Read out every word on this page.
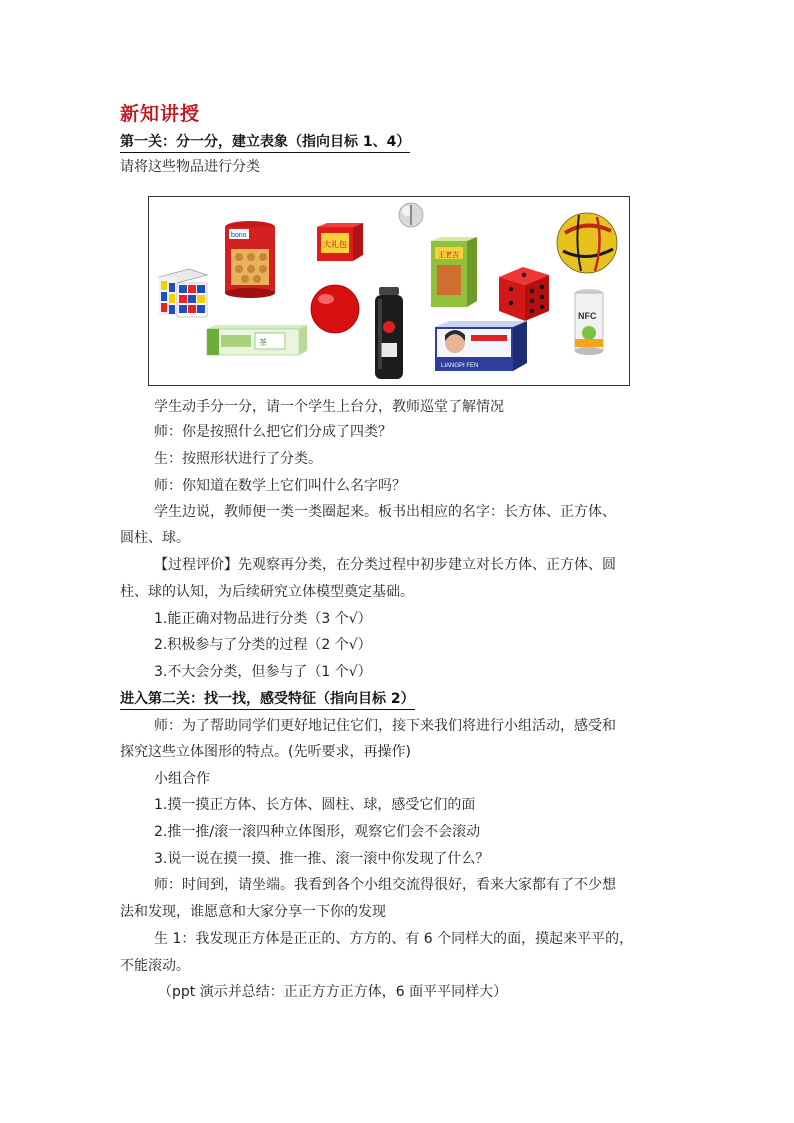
新知讲授
第一关：分一分，建立表象（指向目标 1、4）
请将这些物品进行分类
bono
茶
大礼包
王老吉
LIANGPI FEN
NFC
学生动手分一分，请一个学生上台分，教师巡堂了解情况
师：你是按照什么把它们分成了四类？
生：按照形状进行了分类。
师：你知道在数学上它们叫什么名字吗？
学生边说，教师便一类一类圈起来。板书出相应的名字：长方体、正方体、
圆柱、球。
【过程评价】先观察再分类，在分类过程中初步建立对长方体、正方体、圆
柱、球的认知，为后续研究立体模型奠定基础。
1.能正确对物品进行分类（3 个√）
2.积极参与了分类的过程（2 个√）
3.不大会分类，但参与了（1 个√）
进入第二关：找一找，感受特征（指向目标 2）
师：为了帮助同学们更好地记住它们，接下来我们将进行小组活动，感受和
探究这些立体图形的特点。(先听要求，再操作)
小组合作
1.摸一摸正方体、长方体、圆柱、球，感受它们的面
2.推一推/滚一滚四种立体图形，观察它们会不会滚动
3.说一说在摸一摸、推一推、滚一滚中你发现了什么？
师：时间到，请坐端。我看到各个小组交流得很好，看来大家都有了不少想
法和发现，谁愿意和大家分享一下你的发现
生 1：我发现正方体是正正的、方方的、有 6 个同样大的面，摸起来平平的，
不能滚动。
（ppt 演示并总结：正正方方正方体，6 面平平同样大）
